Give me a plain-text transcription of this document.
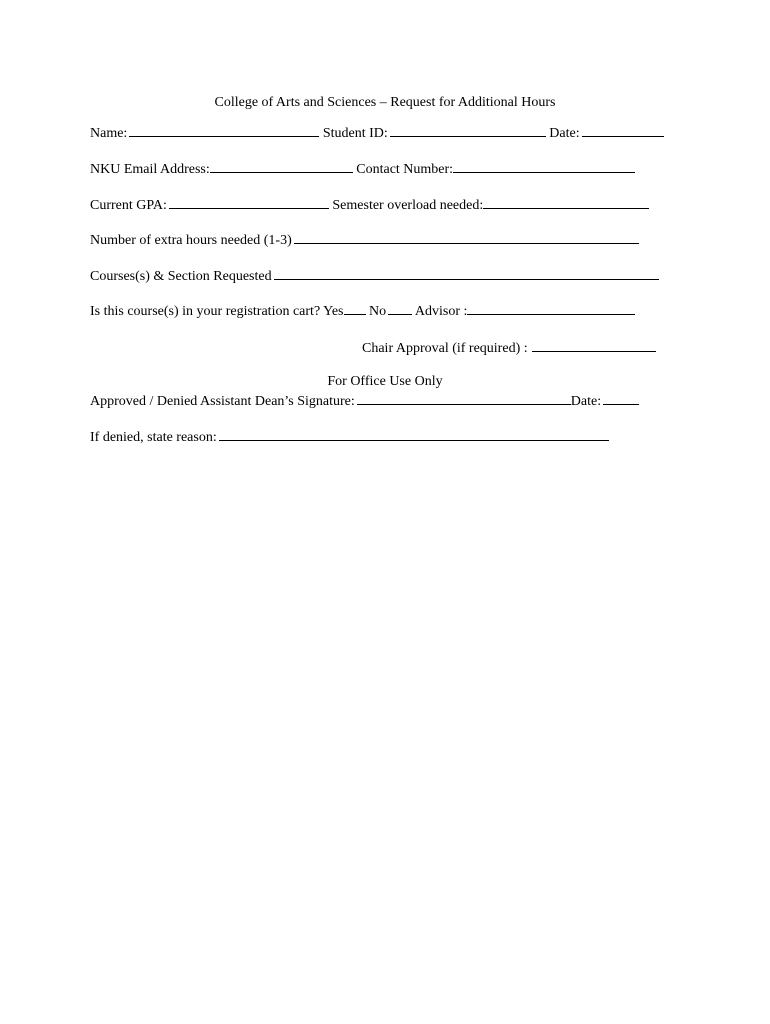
College of Arts and Sciences – Request for Additional Hours
Name:	Student ID:	Date:
NKU Email Address:	Contact Number:
Current GPA:	Semester overload needed:
Number of extra hours needed (1-3)
Courses(s) & Section Requested
Is this course(s) in your registration cart? Yes No Advisor :
Chair Approval (if required) :
For Office Use Only
Approved / Denied Assistant Dean’s Signature:	Date:
If denied, state reason:
